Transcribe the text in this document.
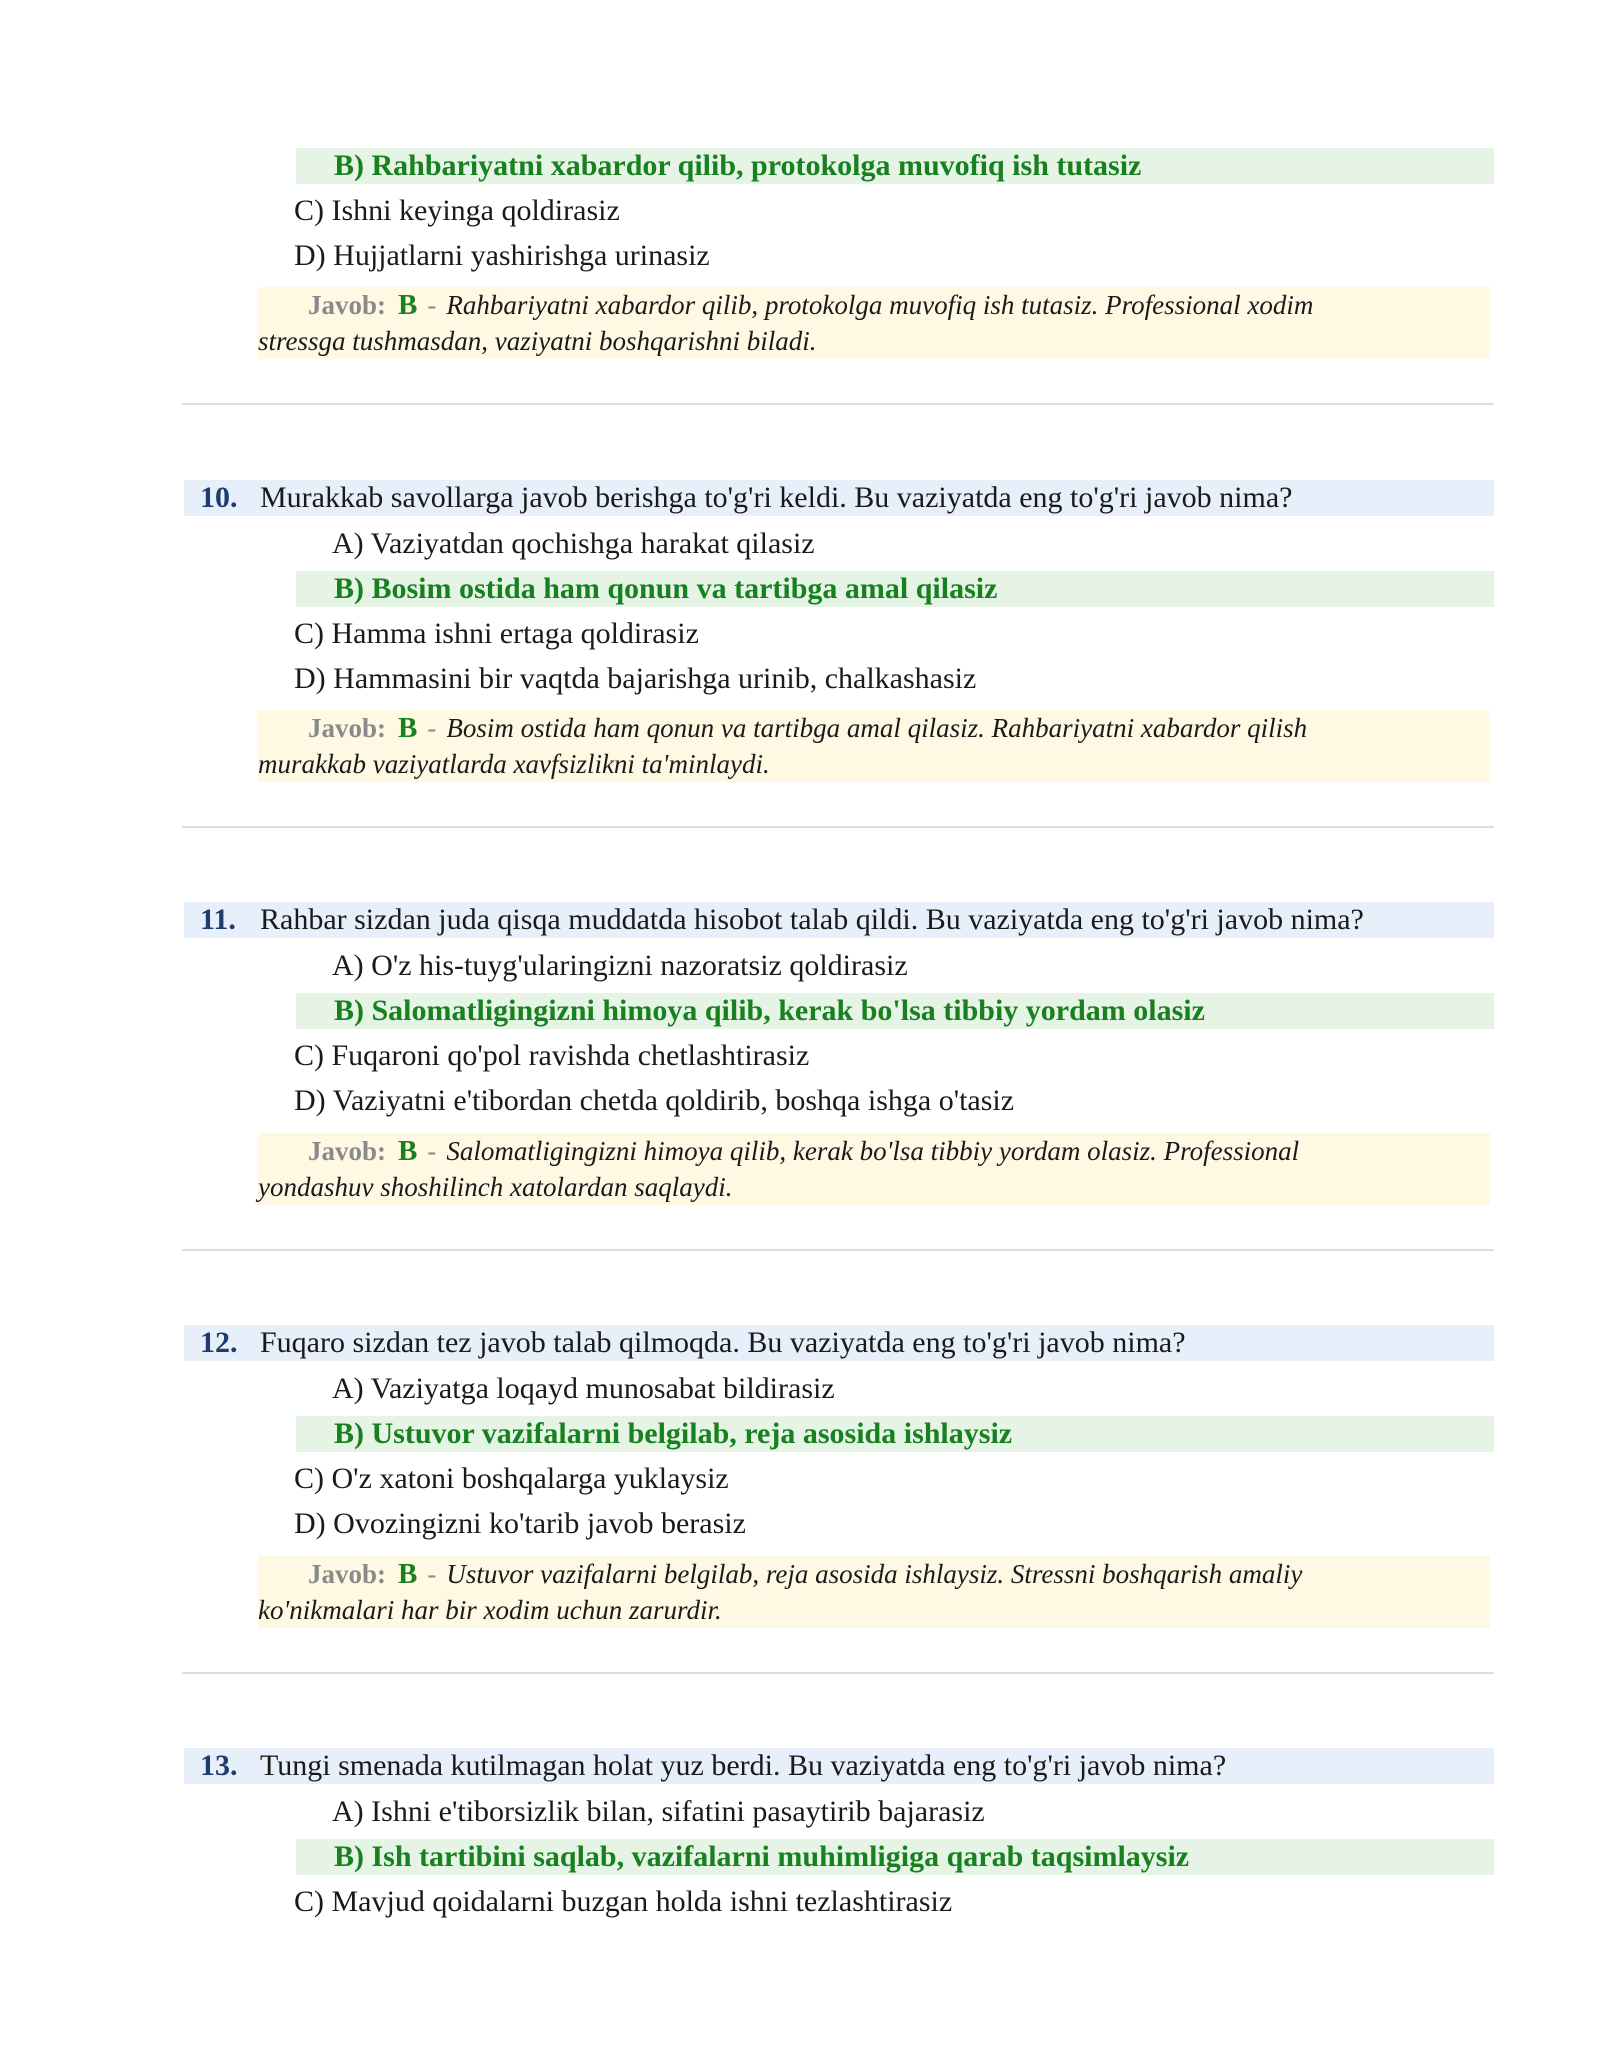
B) Rahbariyatni xabardor qilib, protokolga muvofiq ish tutasiz
C) Ishni keyinga qoldirasiz
D) Hujjatlarni yashirishga urinasiz
Javob: B - Rahbariyatni xabardor qilib, protokolga muvofiq ish tutasiz. Professional xodim
stressga tushmasdan, vaziyatni boshqarishni biladi.
10. Murakkab savollarga javob berishga to'g'ri keldi. Bu vaziyatda eng to'g'ri javob nima?
A) Vaziyatdan qochishga harakat qilasiz
B) Bosim ostida ham qonun va tartibga amal qilasiz
C) Hamma ishni ertaga qoldirasiz
D) Hammasini bir vaqtda bajarishga urinib, chalkashasiz
Javob: B - Bosim ostida ham qonun va tartibga amal qilasiz. Rahbariyatni xabardor qilish
murakkab vaziyatlarda xavfsizlikni ta'minlaydi.
11. Rahbar sizdan juda qisqa muddatda hisobot talab qildi. Bu vaziyatda eng to'g'ri javob nima?
A) O'z his-tuyg'ularingizni nazoratsiz qoldirasiz
B) Salomatligingizni himoya qilib, kerak bo'lsa tibbiy yordam olasiz
C) Fuqaroni qo'pol ravishda chetlashtirasiz
D) Vaziyatni e'tibordan chetda qoldirib, boshqa ishga o'tasiz
Javob: B - Salomatligingizni himoya qilib, kerak bo'lsa tibbiy yordam olasiz. Professional
yondashuv shoshilinch xatolardan saqlaydi.
12. Fuqaro sizdan tez javob talab qilmoqda. Bu vaziyatda eng to'g'ri javob nima?
A) Vaziyatga loqayd munosabat bildirasiz
B) Ustuvor vazifalarni belgilab, reja asosida ishlaysiz
C) O'z xatoni boshqalarga yuklaysiz
D) Ovozingizni ko'tarib javob berasiz
Javob: B - Ustuvor vazifalarni belgilab, reja asosida ishlaysiz. Stressni boshqarish amaliy
ko'nikmalari har bir xodim uchun zarurdir.
13. Tungi smenada kutilmagan holat yuz berdi. Bu vaziyatda eng to'g'ri javob nima?
A) Ishni e'tiborsizlik bilan, sifatini pasaytirib bajarasiz
B) Ish tartibini saqlab, vazifalarni muhimligiga qarab taqsimlaysiz
C) Mavjud qoidalarni buzgan holda ishni tezlashtirasiz
